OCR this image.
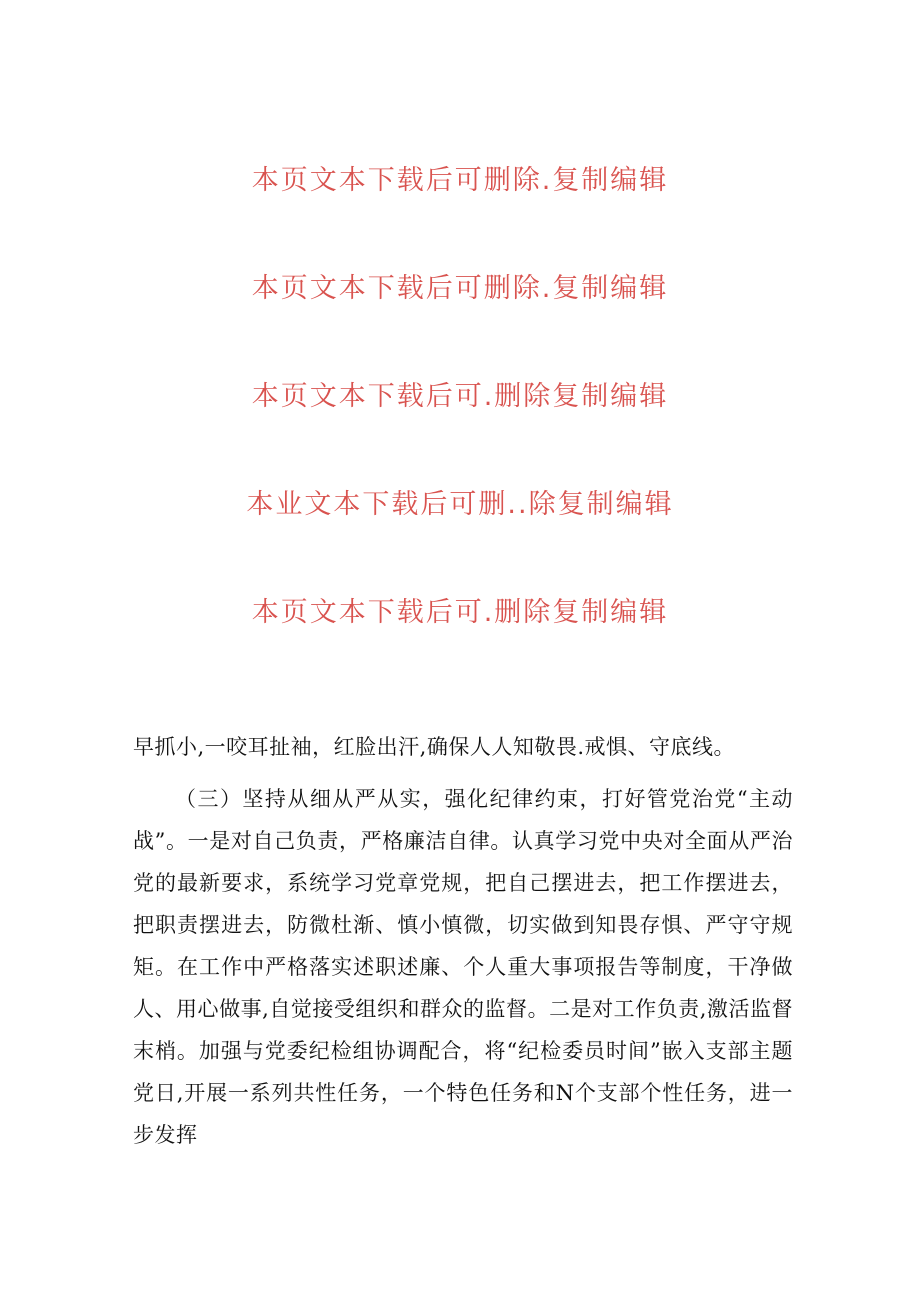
本页文本下载后可删除.复制编辑
本页文本下载后可删除.复制编辑
本页文本下载后可.删除复制编辑
本业文本下载后可删..除复制编辑
本页文本下载后可.删除复制编辑

早抓小,一咬耳扯袖，红脸出汗,确保人人知敬畏.戒惧、守底线。

（三）坚持从细从严从实，强化纪律约束，打好管党治党“主动战”。一是对自己负责，严格廉洁自律。认真学习党中央对全面从严治党的最新要求，系统学习党章党规，把自己摆进去，把工作摆进去，把职责摆进去，防微杜渐、慎小慎微，切实做到知畏存惧、严守守规矩。在工作中严格落实述职述廉、个人重大事项报告等制度，干净做人、用心做事,自觉接受组织和群众的监督。二是对工作负责,激活监督末梢。加强与党委纪检组协调配合，将“纪检委员时间”嵌入支部主题党日,开展一系列共性任务，一个特色任务和N个支部个性任务，进一步发挥
